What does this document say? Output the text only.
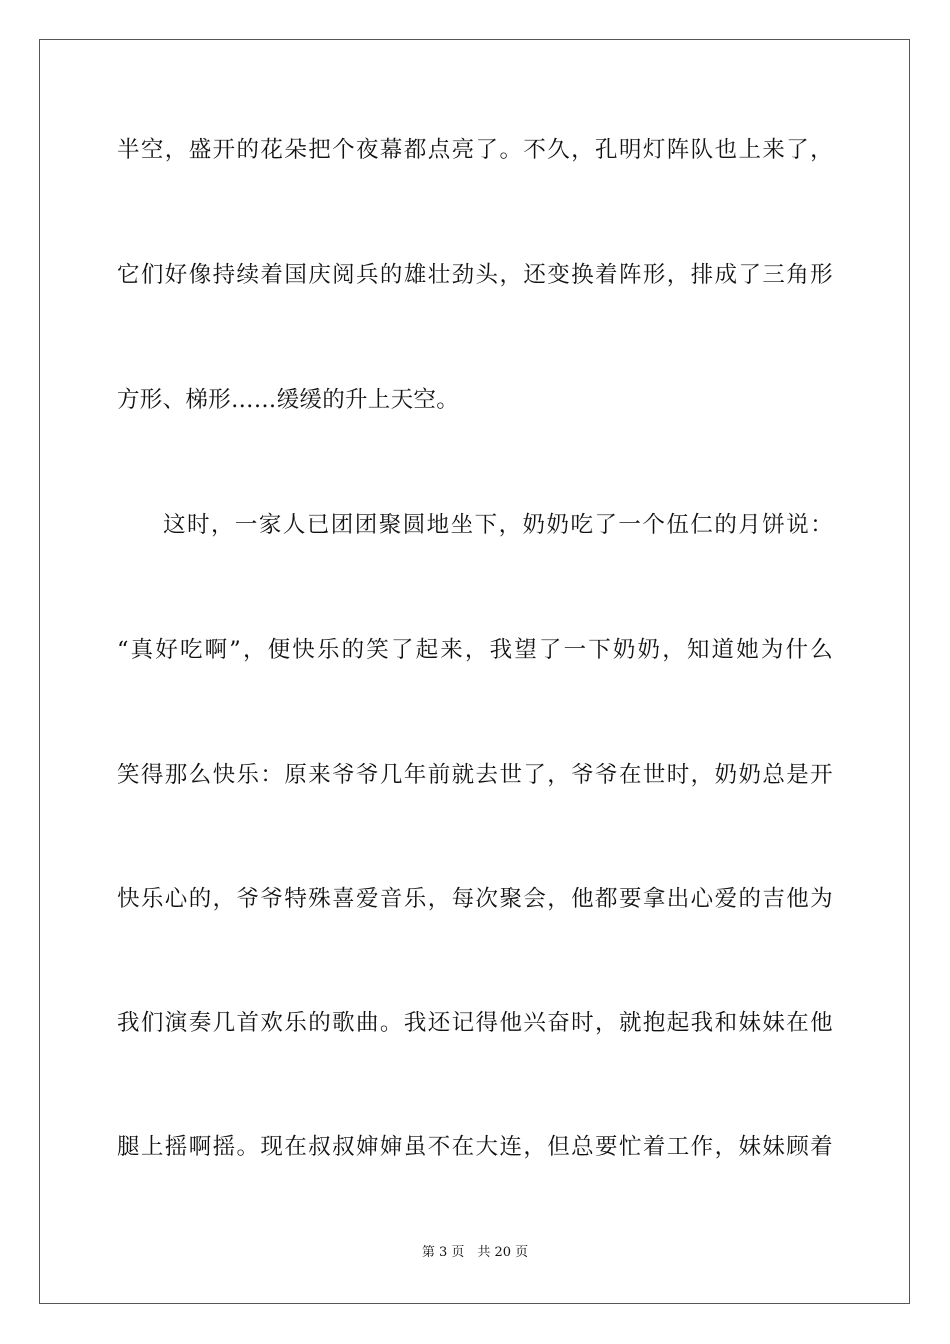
半空，盛开的花朵把个夜幕都点亮了。不久，孔明灯阵队也上来了，
它们好像持续着国庆阅兵的雄壮劲头，还变换着阵形，排成了三角形
方形、梯形……缓缓的升上天空。
这时，一家人已团团聚圆地坐下，奶奶吃了一个伍仁的月饼说：
“真好吃啊”，便快乐的笑了起来，我望了一下奶奶，知道她为什么
笑得那么快乐：原来爷爷几年前就去世了，爷爷在世时，奶奶总是开
快乐心的，爷爷特殊喜爱音乐，每次聚会，他都要拿出心爱的吉他为
我们演奏几首欢乐的歌曲。我还记得他兴奋时，就抱起我和妹妹在他
腿上摇啊摇。现在叔叔婶婶虽不在大连，但总要忙着工作，妹妹顾着
第 3 页　共 20 页
